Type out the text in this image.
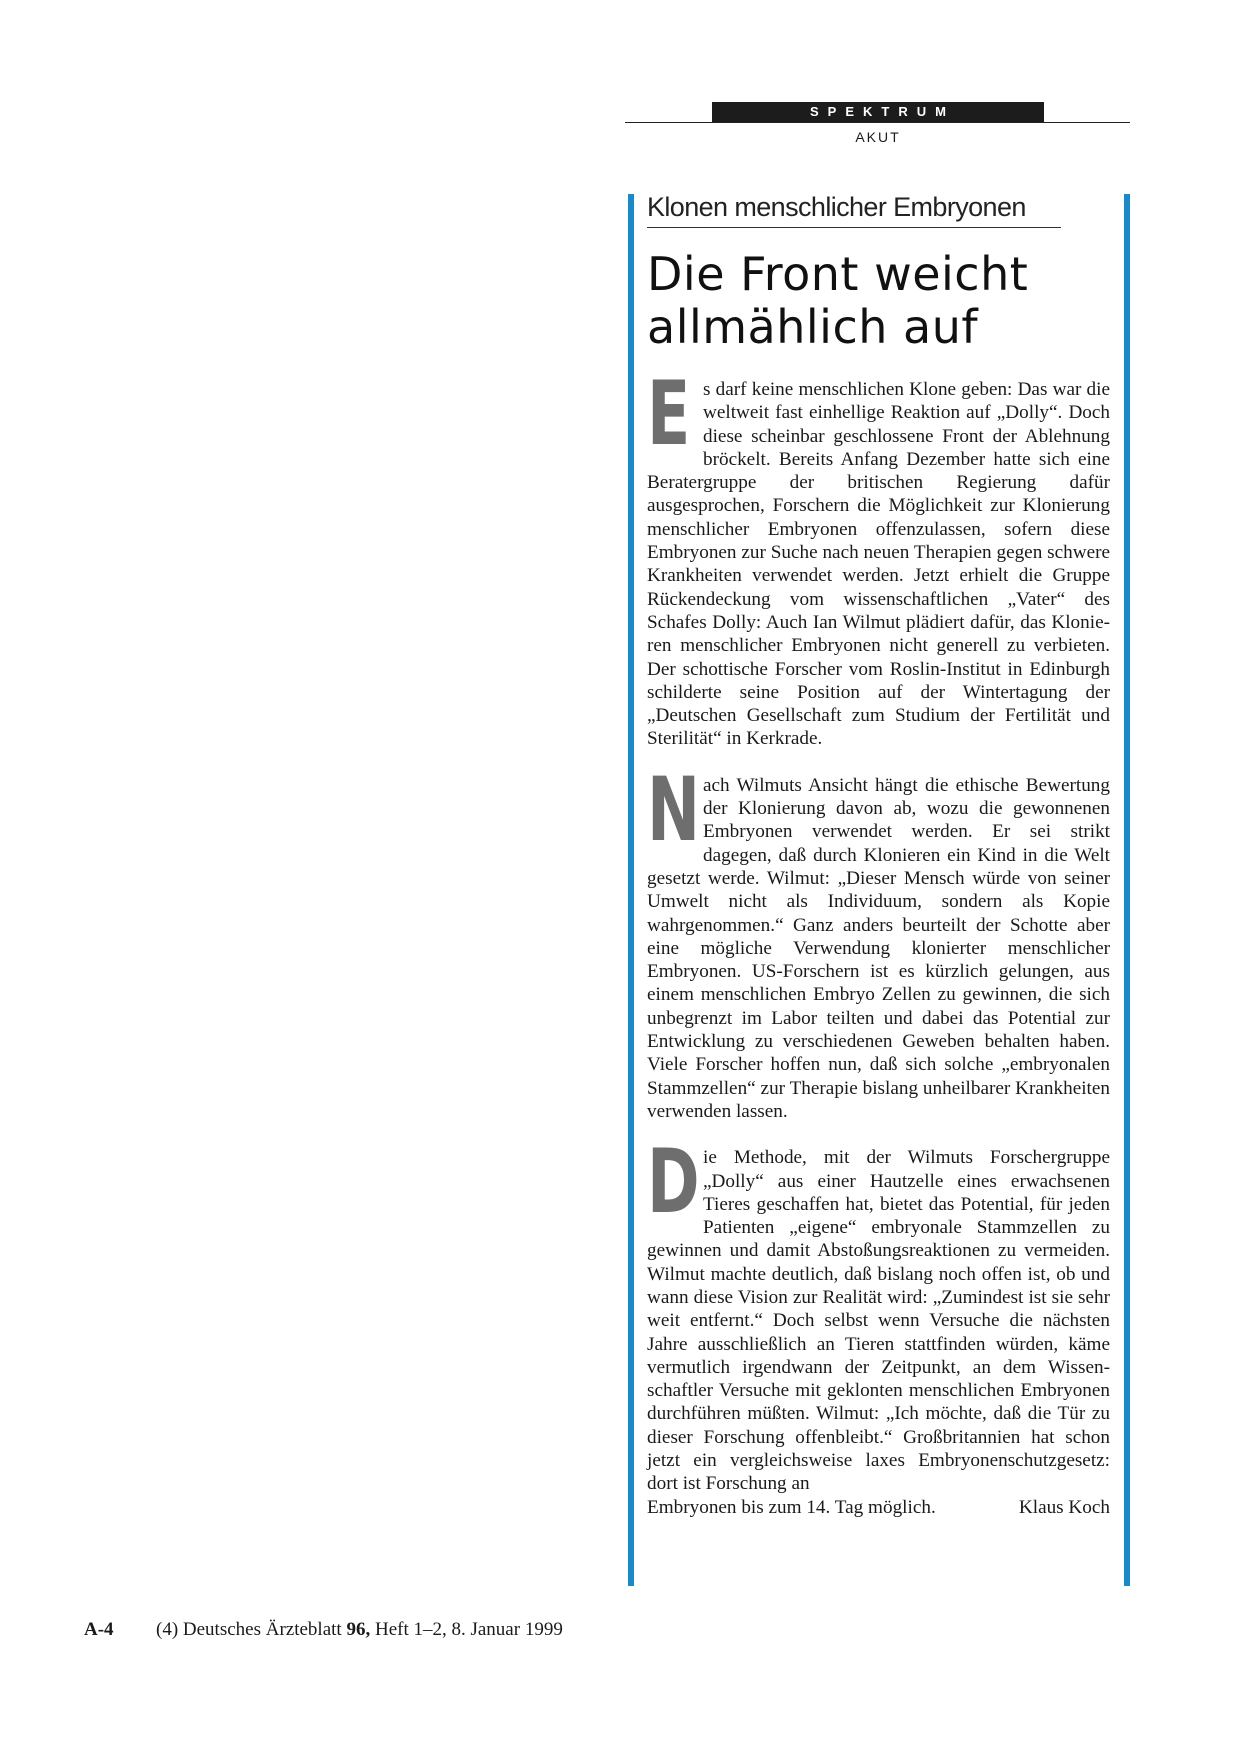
SPEKTRUM
AKUT
Klonen menschlicher Embryonen
Die Front weicht allmählich auf

Es darf keine menschlichen Klone geben: Das war die weltweit fast einhellige Reaktion auf „Dolly“. Doch diese scheinbar geschlossene Front der Ablehnung bröckelt. Bereits Anfang Dezember hatte sich eine Beratergruppe der britischen Regierung dafür ausgesprochen, Forschern die Möglichkeit zur Klonierung menschlicher Embryonen offenzulassen, sofern diese Embryonen zur Suche nach neuen Therapien gegen schwere Krankheiten verwendet werden. Jetzt erhielt die Gruppe Rückendeckung vom wissenschaftlichen „Vater“ des Schafes Dolly: Auch Ian Wilmut plädiert dafür, das Klonieren menschlicher Embryonen nicht generell zu verbieten. Der schottische Forscher vom Roslin-Institut in Edinburgh schilderte seine Position auf der Wintertagung der „Deutschen Gesellschaft zum Studium der Fertilität und Sterilität“ in Kerkrade.

Nach Wilmuts Ansicht hängt die ethische Bewertung der Klonierung davon ab, wozu die gewonnenen Embryonen verwendet werden. Er sei strikt dagegen, daß durch Klonieren ein Kind in die Welt gesetzt werde. Wilmut: „Dieser Mensch würde von seiner Umwelt nicht als Individuum, sondern als Kopie wahrgenommen.“ Ganz anders beurteilt der Schotte aber eine mögliche Verwendung klonierter menschlicher Embryonen. US-Forschern ist es kürzlich gelungen, aus einem menschlichen Embryo Zellen zu gewinnen, die sich unbegrenzt im Labor teilten und dabei das Potential zur Entwicklung zu verschiedenen Geweben behalten haben. Viele Forscher hoffen nun, daß sich solche „embryonalen Stammzellen“ zur Therapie bislang unheilbarer Krankheiten verwenden lassen.

Die Methode, mit der Wilmuts Forschergruppe „Dolly“ aus einer Hautzelle eines erwachsenen Tieres geschaffen hat, bietet das Potential, für jeden Patienten „eigene“ embryonale Stammzellen zu gewinnen und damit Abstoßungsreaktionen zu vermeiden. Wilmut machte deutlich, daß bislang noch offen ist, ob und wann diese Vision zur Realität wird: „Zumindest ist sie sehr weit entfernt.“ Doch selbst wenn Versuche die nächsten Jahre ausschließlich an Tieren stattfinden würden, käme vermutlich irgendwann der Zeitpunkt, an dem Wissenschaftler Versuche mit geklonten menschlichen Embryonen durchführen müßten. Wilmut: „Ich möchte, daß die Tür zu dieser Forschung offenbleibt.“ Großbritannien hat schon jetzt ein vergleichsweise laxes Embryonenschutzgesetz: dort ist Forschung an
Embryonen bis zum 14. Tag möglich.	Klaus Koch

A-4 (4) Deutsches Ärzteblatt 96, Heft 1–2, 8. Januar 1999
